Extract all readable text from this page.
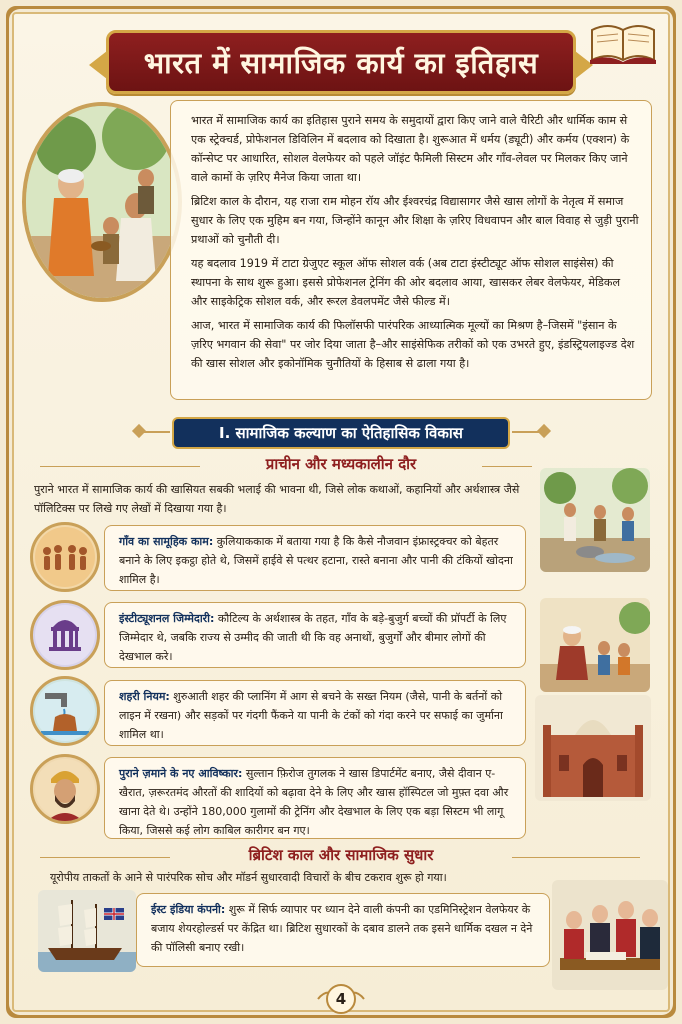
भारत में सामाजिक कार्य का इतिहास

भारत में सामाजिक कार्य का इतिहास पुराने समय के समुदायों द्वारा किए जाने वाले चैरिटी और धार्मिक काम से एक स्ट्रेक्चर्ड, प्रोफेशनल डिविलिन में बदलाव को दिखाता है। शुरूआत में धर्मय (ड्यूटी) और कर्मय (एक्शन) के कॉन्सेप्ट पर आधारित, सोशल वेलफेयर को पहले जॉइंट फैमिली सिस्टम और गाँव-लेवल पर मिलकर किए जाने वाले कामों के ज़रिए मैनेज किया जाता था।

ब्रिटिश काल के दौरान, यह राजा राम मोहन रॉय और ईश्वरचंद्र विद्यासागर जैसे खास लोगों के नेतृत्व में समाज सुधार के लिए एक मुहिम बन गया, जिन्होंने कानून और शिक्षा के ज़रिए विधवापन और बाल विवाह से जुड़ी पुरानी प्रथाओं को चुनौती दी।

यह बदलाव 1919 में टाटा ग्रेजुएट स्कूल ऑफ सोशल वर्क (अब टाटा इंस्टीट्यूट ऑफ सोशल साइंसेस) की स्थापना के साथ शुरू हुआ। इससे प्रोफेशनल ट्रेनिंग की ओर बदलाव आया, खासकर लेबर वेलफेयर, मेडिकल और साइकेट्रिक सोशल वर्क, और रूरल डेवलपमेंट जैसे फील्ड में।

आज, भारत में सामाजिक कार्य की फिलॉसफी पारंपरिक आध्यात्मिक मूल्यों का मिश्रण है–जिसमें "इंसान के ज़रिए भगवान की सेवा" पर जोर दिया जाता है–और साइंसेफिक तरीकों को एक उभरते हुए, इंडस्ट्रियलाइज्ड देश की खास सोशल और इकोनॉमिक चुनौतियों के हिसाब से ढाला गया है।

I. सामाजिक कल्याण का ऐतिहासिक विकास
प्राचीन और मध्यकालीन दौर
पुराने भारत में सामाजिक कार्य की खासियत सबकी भलाई की भावना थी, जिसे लोक कथाओं, कहानियों और अर्थशास्त्र जैसे पॉलिटिक्स पर लिखे गए लेखों में दिखाया गया है।
गाँव का सामूहिक काम: कुलियाककाक में बताया गया है कि कैसे नौजवान इंफ्रास्ट्रक्चर को बेहतर बनाने के लिए इकट्ठा होते थे, जिसमें हाईवे से पत्थर हटाना, रास्ते बनाना और पानी की टंकियों खोदना शामिल है।
इंस्टीट्यूशनल जिम्मेदारी: कौटिल्य के अर्थशास्त्र के तहत, गाँव के बड़े-बुजुर्ग बच्चों की प्रॉपर्टी के लिए जिम्मेदार थे, जबकि राज्य से उम्मीद की जाती थी कि वह अनाथों, बुजुर्गों और बीमार लोगों की देखभाल करे।
शहरी नियम: शुरुआती शहर की प्लानिंग में आग से बचने के सख्त नियम (जैसे, पानी के बर्तनों को लाइन में रखना) और सड़कों पर गंदगी फैंकने या पानी के टंकों को गंदा करने पर सफाई का जुर्माना शामिल था।
पुराने ज़माने के नए आविष्कार: सुल्तान फ़िरोज तुगलक ने खास डिपार्टमेंट बनाए, जैसे दीवान ए-खैरात, ज़रूरतमंद औरतों की शादियों को बढ़ावा देने के लिए और खास हॉस्पिटल जो मुफ़्त दवा और खाना देते थे। उन्होंने 180,000 गुलामों की ट्रेनिंग और देखभाल के लिए एक बड़ा सिस्टम भी लागू किया, जिससे कई लोग काबिल कारीगर बन गए।
ब्रिटिश काल और सामाजिक सुधार
यूरोपीय ताकतों के आने से पारंपरिक सोच और मॉडर्न सुधारवादी विचारों के बीच टकराव शुरू हो गया।
ईस्ट इंडिया कंपनी: शुरू में सिर्फ व्यापार पर ध्यान देने वाली कंपनी का एडमिनिस्ट्रेशन वेलफेयर के बजाय शेयरहोल्डर्स पर केंद्रित था। ब्रिटिश सुधारकों के दबाव डालने तक इसने धार्मिक दखल न देने की पॉलिसी बनाए रखी।
4
